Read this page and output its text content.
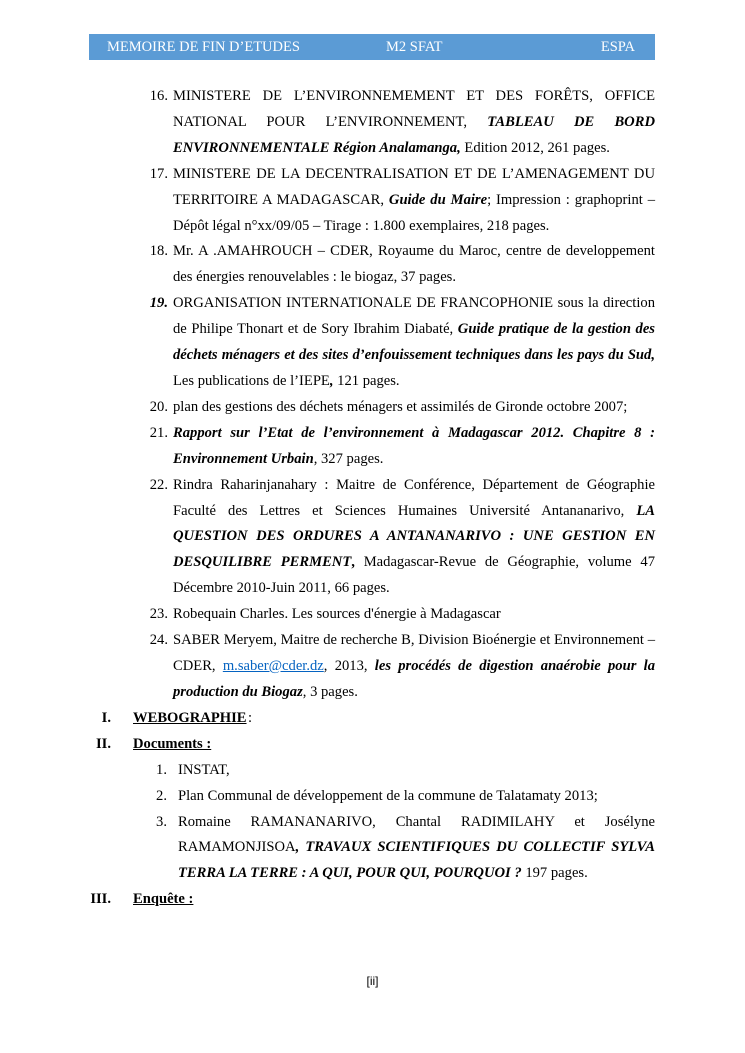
MEMOIRE DE FIN D’ETUDES	M2 SFAT	ESPA
16. MINISTERE DE L’ENVIRONNEMEMENT ET DES FORÊTS, OFFICE NATIONAL POUR L’ENVIRONNEMENT, TABLEAU DE BORD ENVIRONNEMENTALE Région Analamanga, Edition 2012, 261 pages.
17. MINISTERE DE LA DECENTRALISATION ET DE L’AMENAGEMENT DU TERRITOIRE A MADAGASCAR, Guide du Maire; Impression : graphoprint – Dépôt légal n°xx/09/05 – Tirage : 1.800 exemplaires, 218 pages.
18. Mr. A .AMAHROUCH – CDER, Royaume du Maroc, centre de developpement des énergies renouvelables : le biogaz, 37 pages.
19. ORGANISATION INTERNATIONALE DE FRANCOPHONIE sous la direction de Philipe Thonart et de Sory Ibrahim Diabaté, Guide pratique de la gestion des déchets ménagers et des sites d’enfouissement techniques dans les pays du Sud, Les publications de l’IEPE, 121 pages.
20. plan des gestions des déchets ménagers et assimilés de Gironde octobre 2007;
21. Rapport sur l’Etat de l’environnement à Madagascar 2012. Chapitre 8 : Environnement Urbain, 327 pages.
22. Rindra Raharinjanahary : Maitre de Conférence, Département de Géographie Faculté des Lettres et Sciences Humaines Université Antananarivo, LA QUESTION DES ORDURES A ANTANANARIVO : UNE GESTION EN DESQUILIBRE PERMENT, Madagascar-Revue de Géographie, volume 47 Décembre 2010-Juin 2011, 66 pages.
23. Robequain Charles. Les sources d'énergie à Madagascar
24. SABER Meryem, Maitre de recherche B, Division Bioénergie et Environnement – CDER, m.saber@cder.dz, 2013, les procédés de digestion anaérobie pour la production du Biogaz, 3 pages.
I. WEBOGRAPHIE :
II. Documents :
1. INSTAT,
2. Plan Communal de développement de la commune de Talatamaty 2013;
3. Romaine RAMANANARIVO, Chantal RADIMILAHY et Josélyne RAMAMONJISOA, TRAVAUX SCIENTIFIQUES DU COLLECTIF SYLVA TERRA LA TERRE : A QUI, POUR QUI, POURQUOI ? 197 pages.
III. Enquête :
[ii]
